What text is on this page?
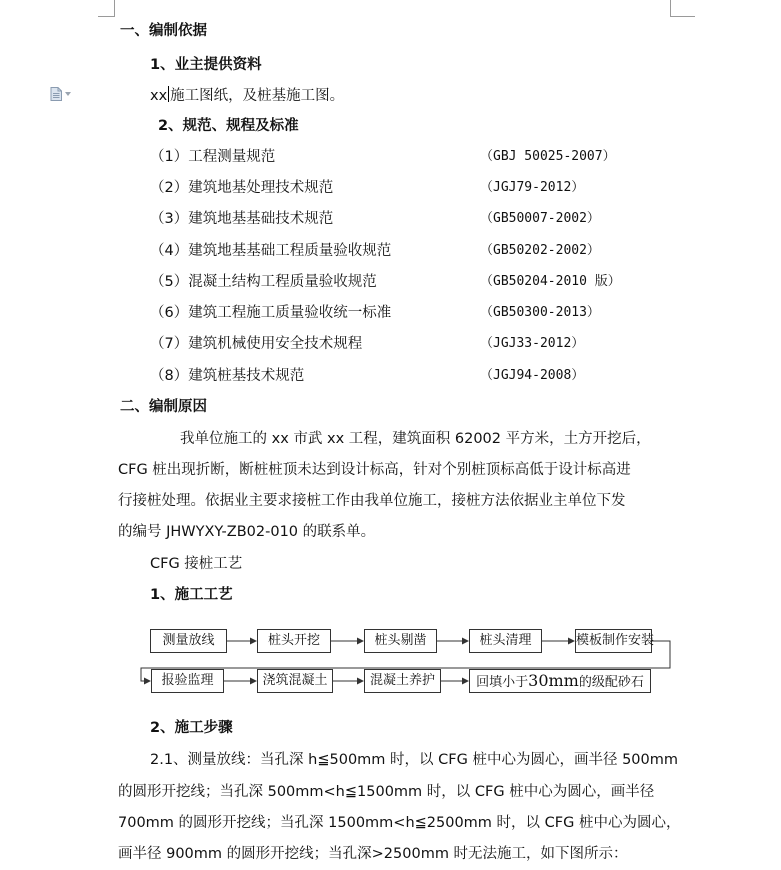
一、编制依据
1、业主提供资料
xx 施工图纸，及桩基施工图。
2、规范、规程及标准
（1）工程测量规范	（GBJ 50025-2007）
（2）建筑地基处理技术规范	（JGJ79-2012）
（3）建筑地基基础技术规范	（GB50007-2002）
（4）建筑地基基础工程质量验收规范	（GB50202-2002）
（5）混凝土结构工程质量验收规范	（GB50204-2010 版）
（6）建筑工程施工质量验收统一标准	（GB50300-2013）
（7）建筑机械使用安全技术规程	（JGJ33-2012）
（8）建筑桩基技术规范	（JGJ94-2008）
二、编制原因
我单位施工的 xx 市武 xx 工程，建筑面积 62002 平方米，土方开挖后，
CFG 桩出现折断，断桩桩顶未达到设计标高，针对个别桩顶标高低于设计标高进
行接桩处理。依据业主要求接桩工作由我单位施工，接桩方法依据业主单位下发
的编号 JHWYXY-ZB02-010 的联系单。
CFG 接桩工艺
1、施工工艺
测量放线	桩头开挖	桩头剔凿	桩头清理	模板制作安装
报验监理	浇筑混凝土	混凝土养护	回填小于30mm的级配砂石
2、施工步骤
2.1、测量放线：当孔深 h≦500mm 时，以 CFG 桩中心为圆心，画半径 500mm
的圆形开挖线；当孔深 500mm<h≦1500mm 时，以 CFG 桩中心为圆心，画半径
700mm 的圆形开挖线；当孔深 1500mm<h≦2500mm 时，以 CFG 桩中心为圆心，
画半径 900mm 的圆形开挖线；当孔深>2500mm 时无法施工，如下图所示：
